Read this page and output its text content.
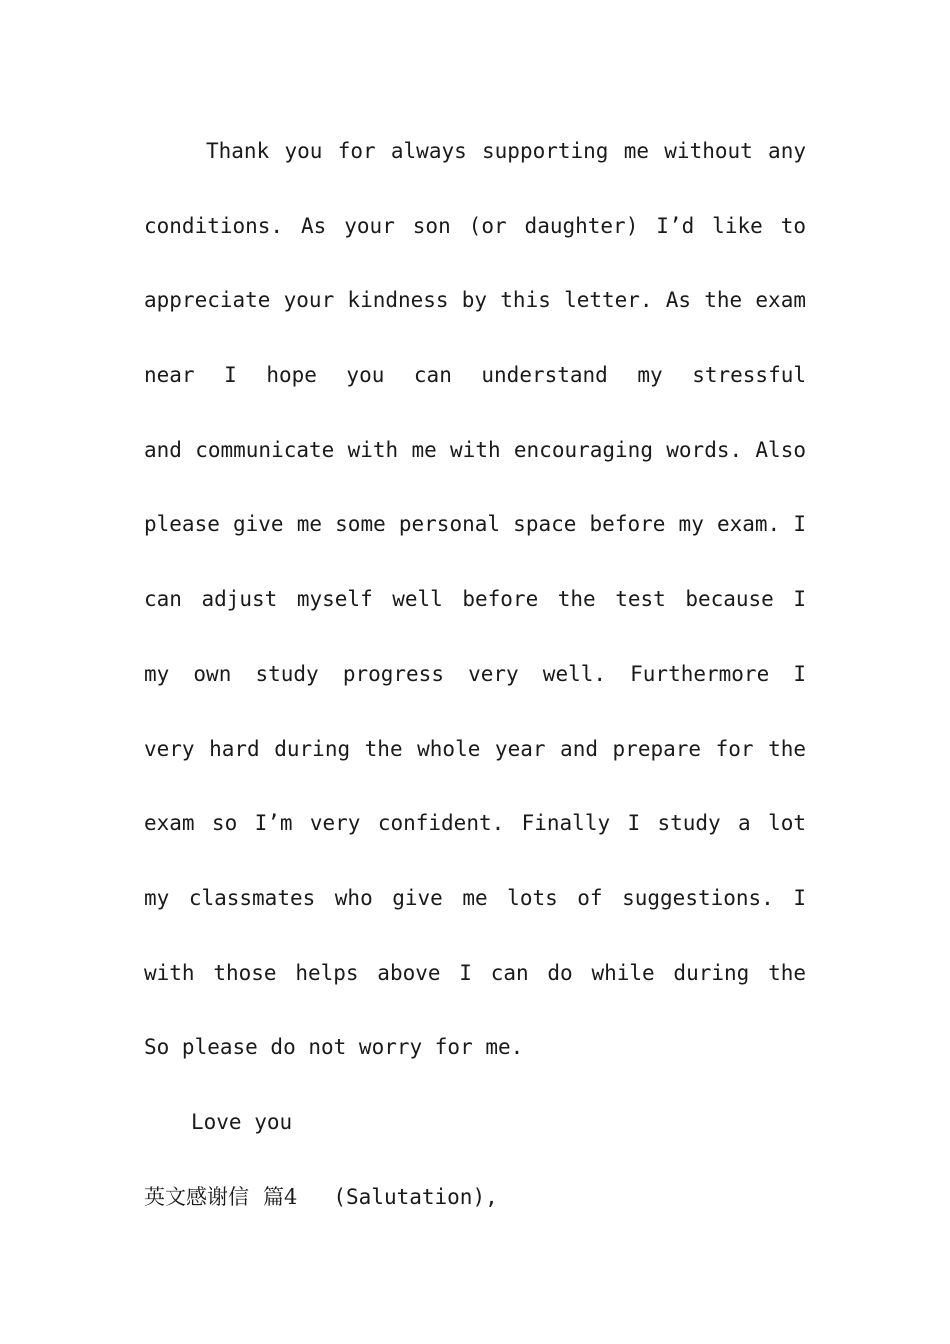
Thank you for always supporting me without any
conditions. As your son (or daughter) I’d like to
appreciate your kindness by this letter. As the exam
near I hope you can understand my stressful
and communicate with me with encouraging words. Also
please give me some personal space before my exam. I
can adjust myself well before the test because I
my own study progress very well. Furthermore I
very hard during the whole year and prepare for the
exam so I’m very confident. Finally I study a lot
my classmates who give me lots of suggestions. I
with those helps above I can do while during the
So please do not worry for me.
Love you
英文感谢信 篇4 (Salutation),
